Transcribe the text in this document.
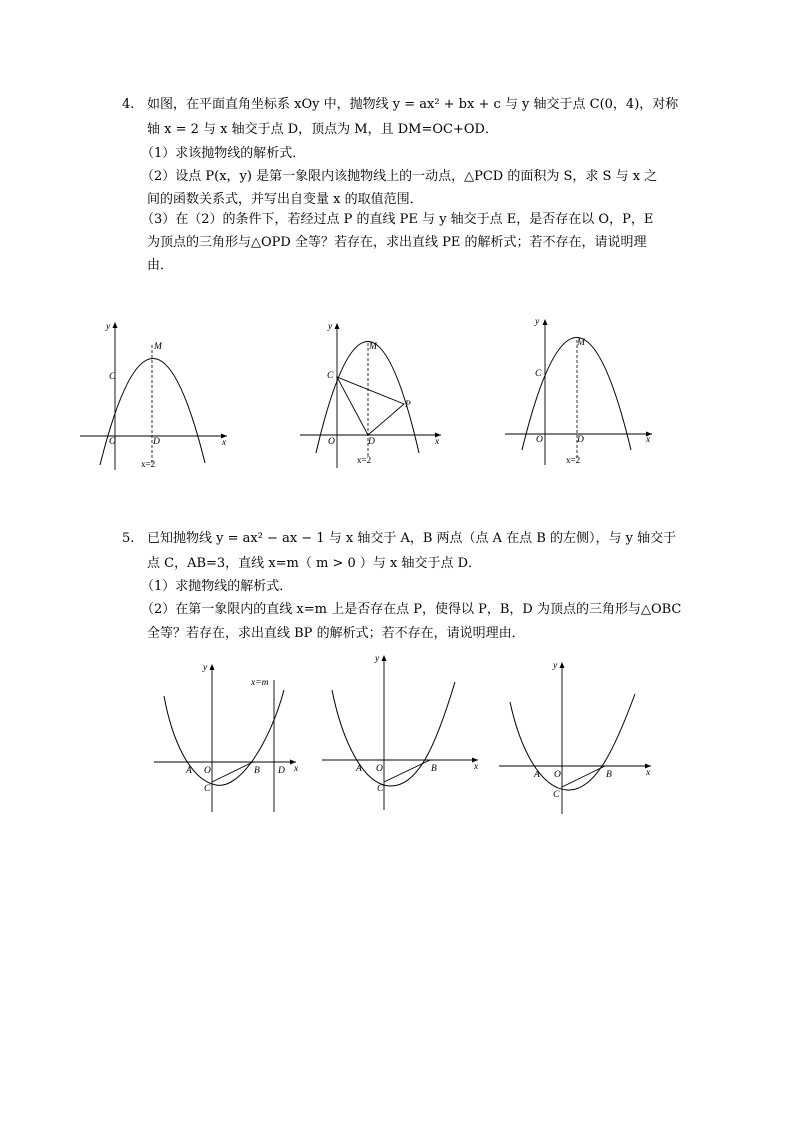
4. 如图，在平面直角坐标系 xOy 中，抛物线 y = ax² + bx + c 与 y 轴交于点 C(0，4)，对称
轴 x = 2 与 x 轴交于点 D，顶点为 M，且 DM=OC+OD．
（1）求该抛物线的解析式．
（2）设点 P(x，y) 是第一象限内该抛物线上的一动点，△PCD 的面积为 S，求 S 与 x 之
间的函数关系式，并写出自变量 x 的取值范围．
（3）在（2）的条件下，若经过点 P 的直线 PE 与 y 轴交于点 E，是否存在以 O，P，E
为顶点的三角形与△OPD 全等？若存在，求出直线 PE 的解析式；若不存在，请说明理
由．
y
x
O
C
D
M
x=2
y
x
O
C
D
M
P
x=2
y
x
O
C
D
M
x=2
5. 已知抛物线 y = ax² − ax − 1 与 x 轴交于 A，B 两点（点 A 在点 B 的左侧），与 y 轴交于
点 C，AB=3，直线 x=m（ m > 0 ）与 x 轴交于点 D．
（1）求抛物线的解析式．
（2）在第一象限内的直线 x=m 上是否存在点 P，使得以 P，B，D 为顶点的三角形与△OBC
全等？若存在，求出直线 BP 的解析式；若不存在，请说明理由．
y
x
O
A	B
C
D
x=m
y
x
O
A	B
C
y
x
O
A	B
C
